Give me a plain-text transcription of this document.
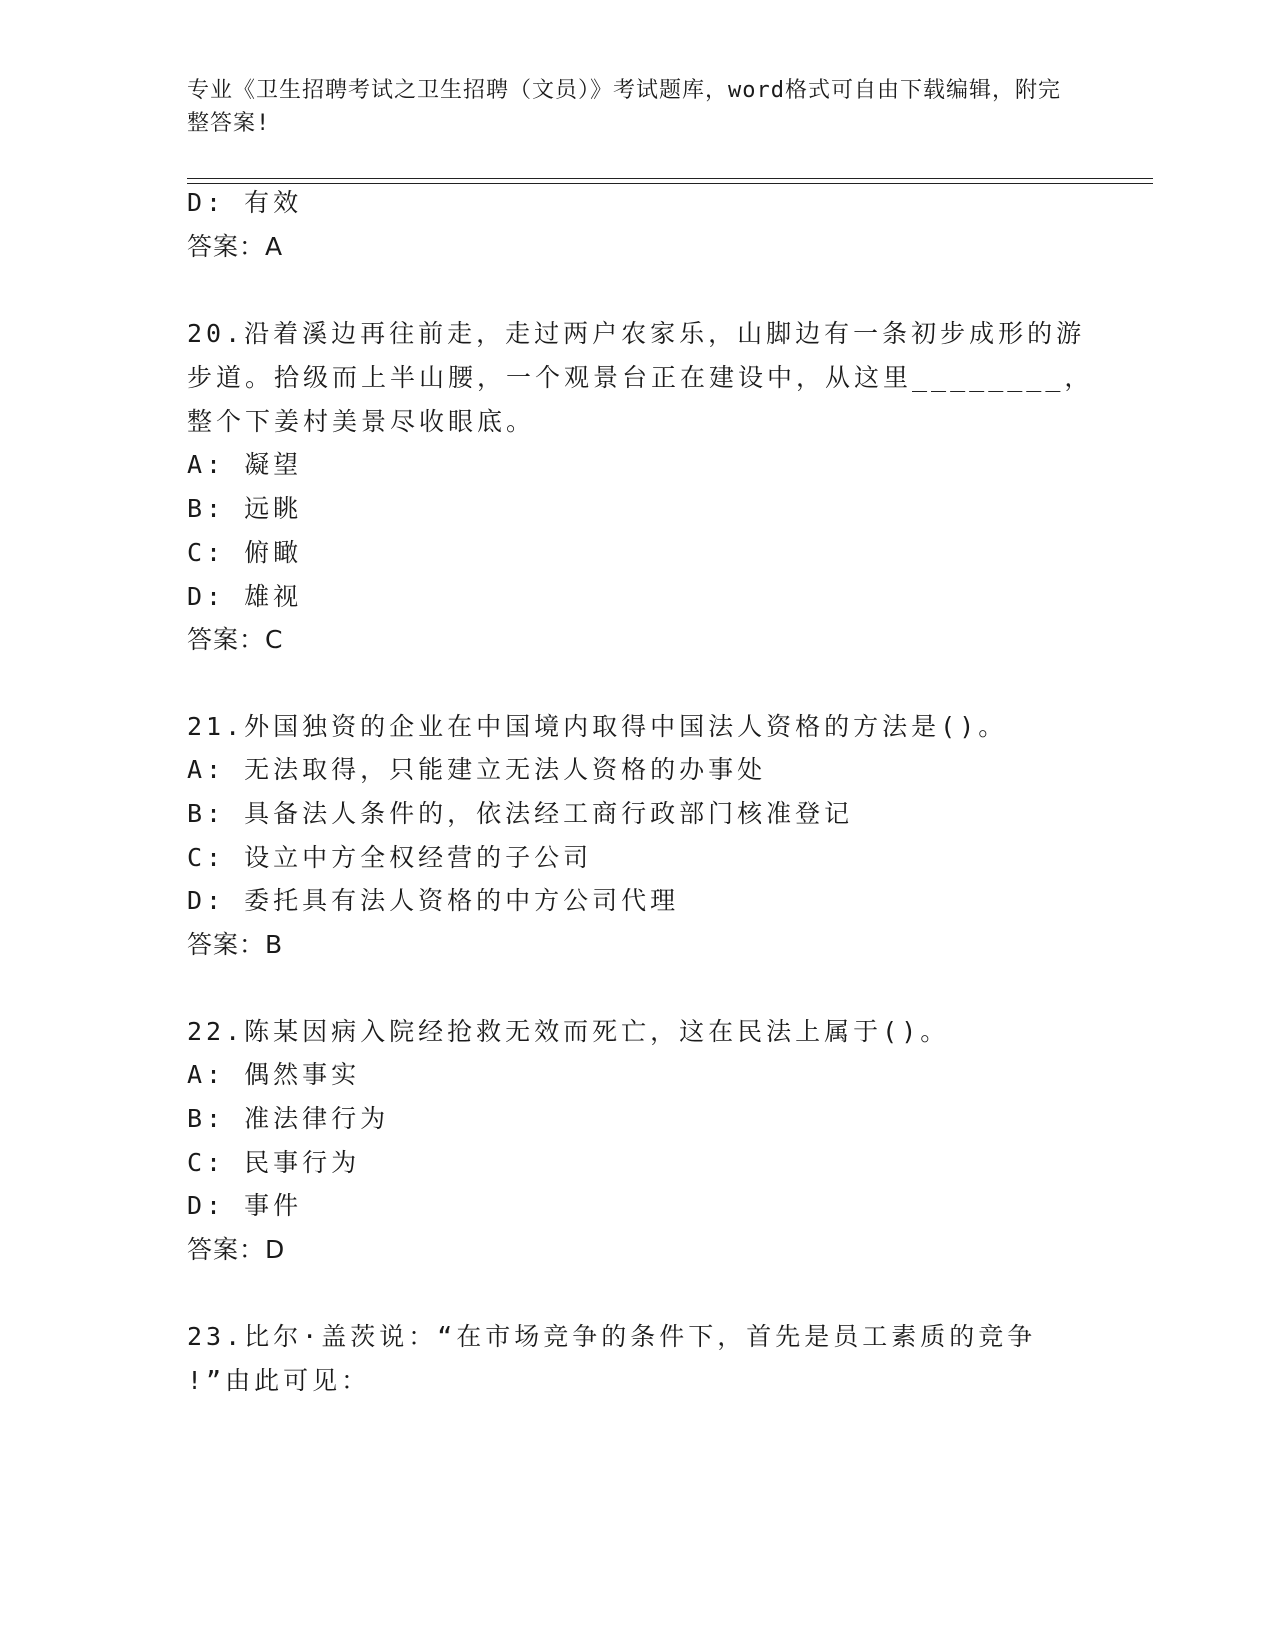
专业《卫生招聘考试之卫生招聘（文员）》考试题库，word格式可自由下载编辑，附完整答案!
D: 有效
答案：A
20.沿着溪边再往前走，走过两户农家乐，山脚边有一条初步成形的游
步道。拾级而上半山腰，一个观景台正在建设中，从这里________，
整个下姜村美景尽收眼底。
A: 凝望
B: 远眺
C: 俯瞰
D: 雄视
答案：C
21.外国独资的企业在中国境内取得中国法人资格的方法是()。
A: 无法取得，只能建立无法人资格的办事处
B: 具备法人条件的，依法经工商行政部门核准登记
C: 设立中方全权经营的子公司
D: 委托具有法人资格的中方公司代理
答案：B
22.陈某因病入院经抢救无效而死亡，这在民法上属于()。
A: 偶然事实
B: 准法律行为
C: 民事行为
D: 事件
答案：D
23.比尔·盖茨说：“在市场竞争的条件下，首先是员工素质的竞争
!”由此可见：
